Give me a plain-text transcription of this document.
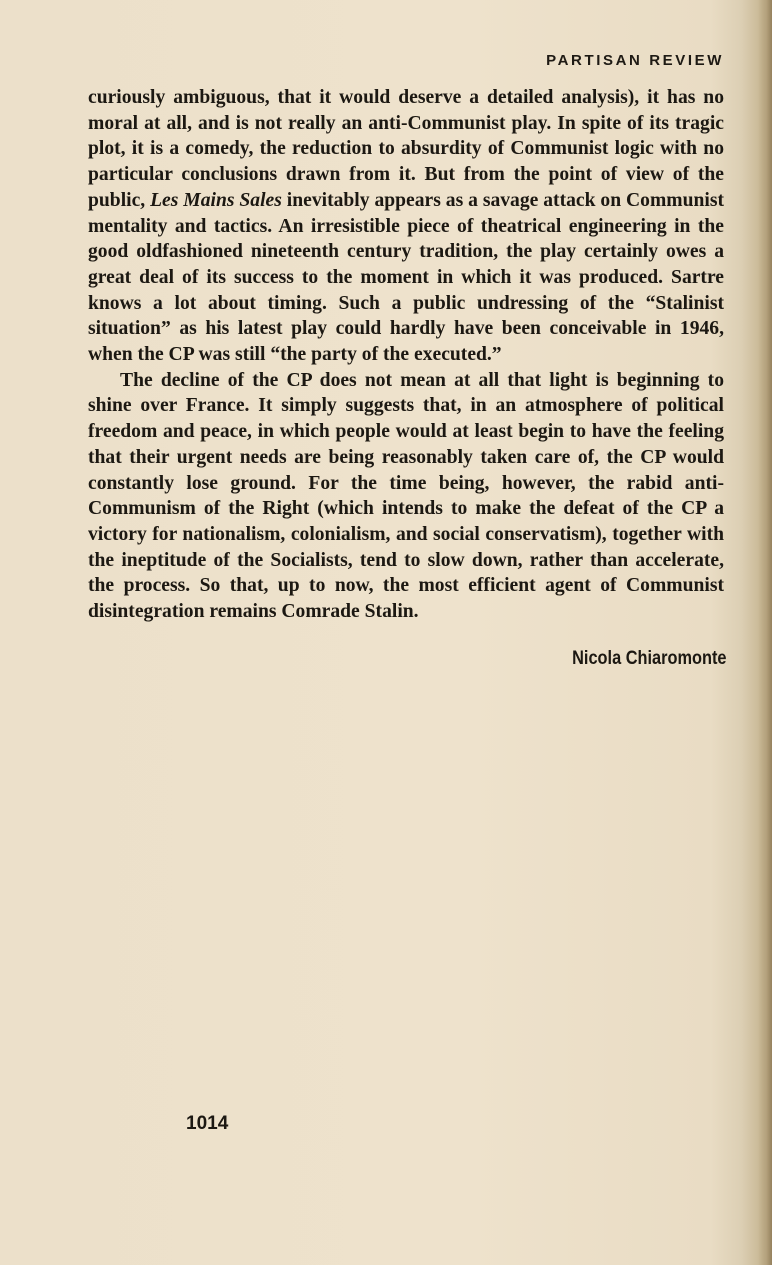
PARTISAN REVIEW

curiously ambiguous, that it would deserve a detailed analysis), it has no moral at all, and is not really an anti-Communist play. In spite of its tragic plot, it is a comedy, the reduction to absurdity of Communist logic with no particular conclusions drawn from it. But from the point of view of the public, Les Mains Sales inevitably appears as a savage attack on Communist mentality and tactics. An irresistible piece of theatrical engineering in the good oldfashioned nineteenth century tradition, the play certainly owes a great deal of its success to the moment in which it was produced. Sartre knows a lot about timing. Such a public undressing of the “Stalinist situation” as his latest play could hardly have been conceivable in 1946, when the CP was still “the party of the executed.”

The decline of the CP does not mean at all that light is beginning to shine over France. It simply suggests that, in an atmosphere of political freedom and peace, in which people would at least begin to have the feeling that their urgent needs are being reasonably taken care of, the CP would constantly lose ground. For the time being, however, the rabid anti-Communism of the Right (which intends to make the defeat of the CP a victory for nationalism, colonialism, and social conservatism), together with the ineptitude of the Socialists, tend to slow down, rather than accelerate, the process. So that, up to now, the most efficient agent of Communist disintegration remains Comrade Stalin.

Nicola Chiaromonte
1014
